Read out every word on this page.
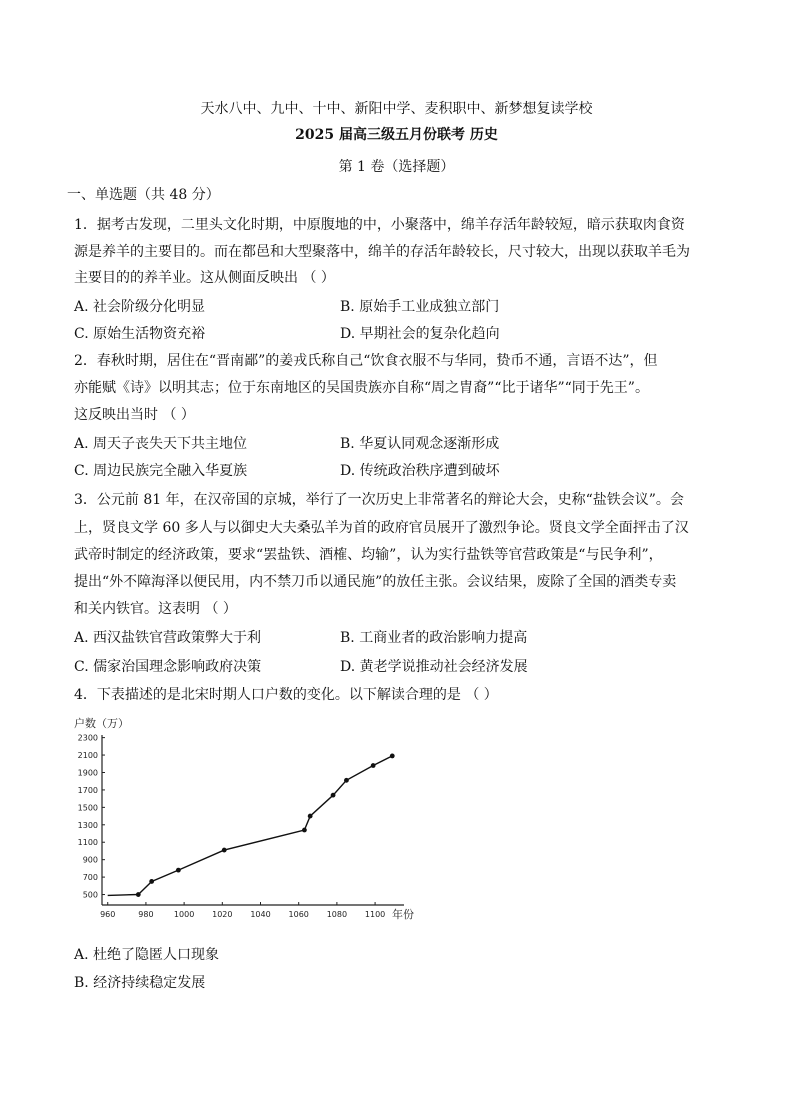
天水八中、九中、十中、新阳中学、麦积职中、新梦想复读学校
2025 届高三级五月份联考 历史
第 1 卷（选择题）
一、单选题（共 48 分）
1．据考古发现，二里头文化时期，中原腹地的中，小聚落中，绵羊存活年龄较短，暗示获取肉食资
源是养羊的主要目的。而在都邑和大型聚落中，绵羊的存活年龄较长，尺寸较大，出现以获取羊毛为
主要目的的养羊业。这从侧面反映出 （ ）
A. 社会阶级分化明显	B. 原始手工业成独立部门
C. 原始生活物资充裕	D. 早期社会的复杂化趋向
2．春秋时期，居住在“晋南鄙”的姜戎氏称自己“饮食衣服不与华同，贽币不通，言语不达”，但
亦能赋《诗》以明其志；位于东南地区的吴国贵族亦自称“周之胄裔”“比于诸华”“同于先王”。
这反映出当时 （ ）
A. 周天子丧失天下共主地位	B. 华夏认同观念逐渐形成
C. 周边民族完全融入华夏族	D. 传统政治秩序遭到破坏
3．公元前 81 年，在汉帝国的京城，举行了一次历史上非常著名的辩论大会，史称“盐铁会议”。会
上，贤良文学 60 多人与以御史大夫桑弘羊为首的政府官员展开了激烈争论。贤良文学全面抨击了汉
武帝时制定的经济政策，要求“罢盐铁、酒榷、均输”，认为实行盐铁等官营政策是“与民争利”，
提出“外不障海泽以便民用，内不禁刀币以通民施”的放任主张。会议结果，废除了全国的酒类专卖
和关内铁官。这表明 （ ）
A. 西汉盐铁官营政策弊大于利	B. 工商业者的政治影响力提高
C. 儒家治国理念影响政府决策	D. 黄老学说推动社会经济发展
4．下表描述的是北宋时期人口户数的变化。以下解读合理的是 （ ）
户数（万）
年份
500
700
900
1100
1300
1500
1700
1900
2100
2300
960	980	1000 1020 1040 1060 1080 1100
A. 杜绝了隐匿人口现象
B. 经济持续稳定发展
